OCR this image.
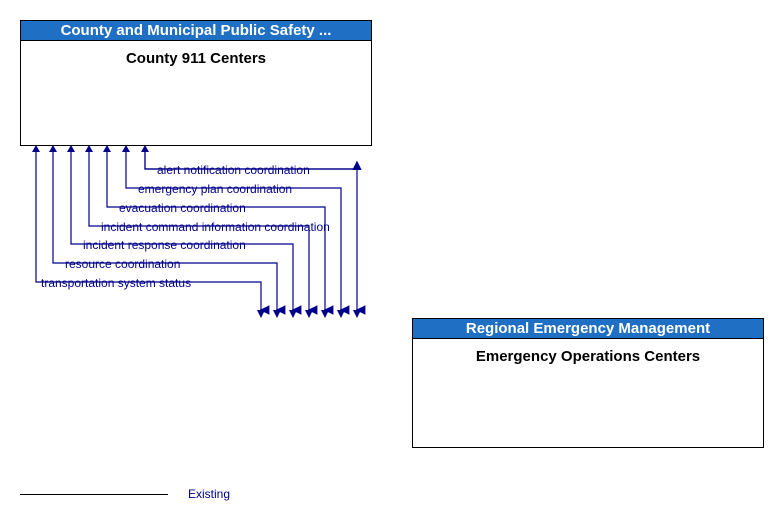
County and Municipal Public Safety ...
County 911 Centers
Regional Emergency Management
Emergency Operations Centers
alert notification coordination
emergency plan coordination
evacuation coordination
incident command information coordination
incident response coordination
resource coordination
transportation system status
Existing
